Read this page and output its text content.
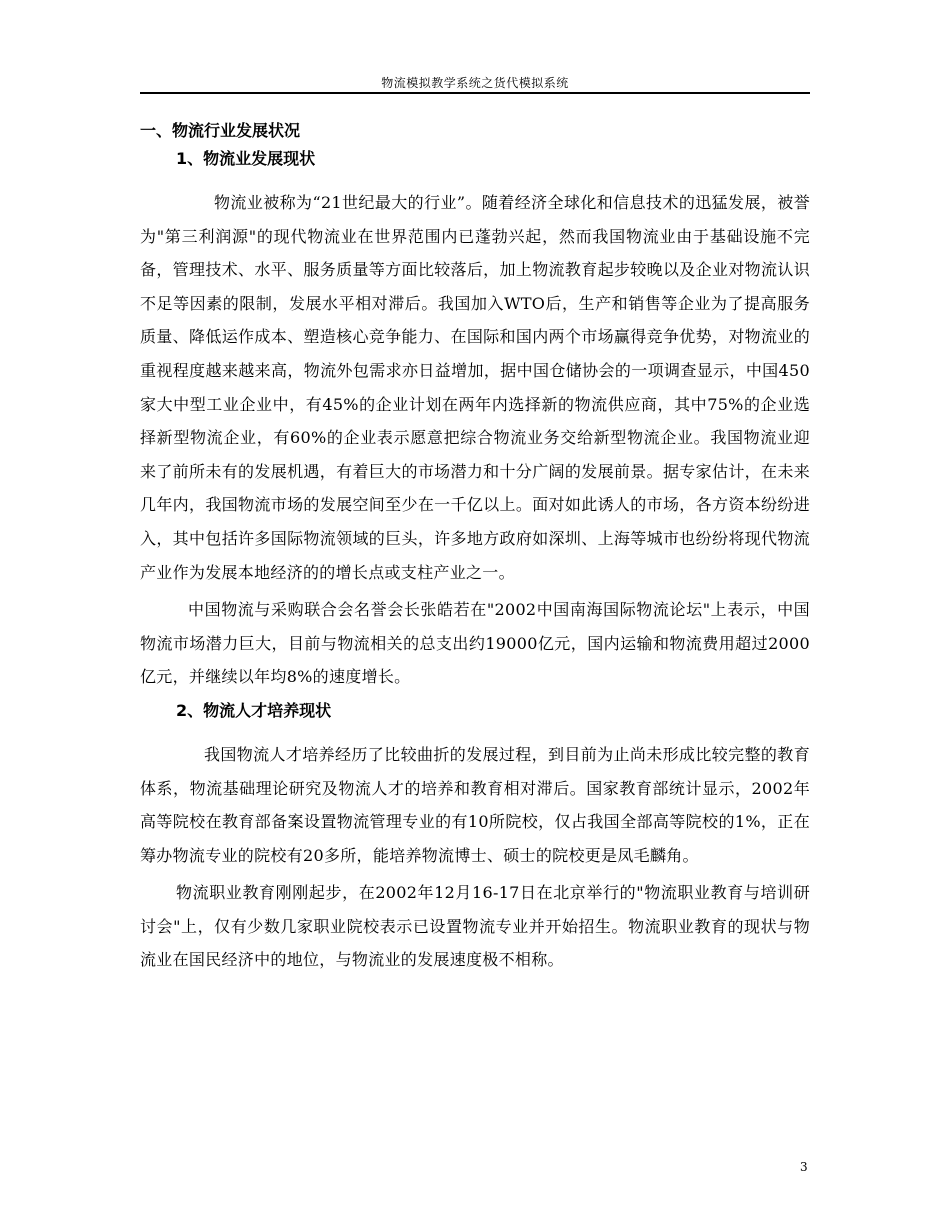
物流模拟教学系统之货代模拟系统
一、物流行业发展状况
1、物流业发展现状

物流业被称为“21世纪最大的行业”。随着经济全球化和信息技术的迅猛发展，被誉为"第三利润源"的现代物流业在世界范围内已蓬勃兴起，然而我国物流业由于基础设施不完备，管理技术、水平、服务质量等方面比较落后，加上物流教育起步较晚以及企业对物流认识不足等因素的限制，发展水平相对滞后。我国加入WTO后，生产和销售等企业为了提高服务质量、降低运作成本、塑造核心竞争能力、在国际和国内两个市场赢得竞争优势，对物流业的重视程度越来越来高，物流外包需求亦日益增加，据中国仓储协会的一项调查显示，中国450家大中型工业企业中，有45%的企业计划在两年内选择新的物流供应商，其中75%的企业选择新型物流企业，有60%的企业表示愿意把综合物流业务交给新型物流企业。我国物流业迎来了前所未有的发展机遇，有着巨大的市场潜力和十分广阔的发展前景。据专家估计，在未来几年内，我国物流市场的发展空间至少在一千亿以上。面对如此诱人的市场，各方资本纷纷进入，其中包括许多国际物流领域的巨头，许多地方政府如深圳、上海等城市也纷纷将现代物流产业作为发展本地经济的的增长点或支柱产业之一。

中国物流与采购联合会名誉会长张皓若在"2002中国南海国际物流论坛"上表示，中国物流市场潜力巨大，目前与物流相关的总支出约19000亿元，国内运输和物流费用超过2000亿元，并继续以年均8%的速度增长。

2、物流人才培养现状

我国物流人才培养经历了比较曲折的发展过程，到目前为止尚未形成比较完整的教育体系，物流基础理论研究及物流人才的培养和教育相对滞后。国家教育部统计显示，2002年高等院校在教育部备案设置物流管理专业的有10所院校，仅占我国全部高等院校的1%，正在筹办物流专业的院校有20多所，能培养物流博士、硕士的院校更是凤毛麟角。

物流职业教育刚刚起步，在2002年12月16-17日在北京举行的"物流职业教育与培训研讨会"上，仅有少数几家职业院校表示已设置物流专业并开始招生。物流职业教育的现状与物流业在国民经济中的地位，与物流业的发展速度极不相称。

3
